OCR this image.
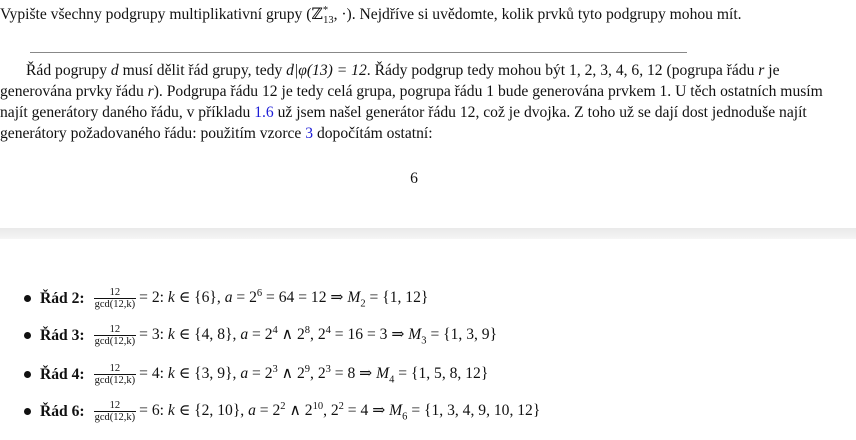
Vypište všechny podgrupy multiplikativní grupy (ℤ*$_{13}$, ·). Nejdříve si uvědomte, kolik prvků tyto podgrupy mohou mít.
Řád pogrupy d musí dělit řád grupy, tedy d|φ(13) = 12. Řády podgrup tedy mohou být 1, 2, 3, 4, 6, 12 (pogrupa řádu r je generována prvky řádu r). Podgrupa řádu 12 je tedy celá grupa, pogrupa řádu 1 bude generována prvkem 1. U těch ostatních musím najít generátory daného řádu, v příkladu 1.6 už jsem našel generátor řádu 12, což je dvojka. Z toho už se dají dost jednoduše najít generátory požadovaného řádu: použitím vzorce 3 dopočítám ostatní:
6
Řád 2: $\frac{12}{\gcd(12,k)} = 2$: k ∈ {6}, $a = 2^6 = 64 = 12$ ⇒ $M_2 = \{1$, 12}
Řád 3: $\frac{12}{\gcd(12,k)} = 3$: k ∈ {4, 8}, $a = 2^4$ ∧ $2^8$, $2^4 = 16 = 3$ ⇒ $M_3 = \{1$, 3, 9}
Řád 4: $\frac{12}{\gcd(12,k)} = 4$: k ∈ {3, 9}, $a = 2^3$ ∧ $2^9$, $2^3 = 8$ ⇒ $M_4 = \{1$, 5, 8, 12}
Řád 6: $\frac{12}{\gcd(12,k)} = 6$: k ∈ {2, 10}, $a = 2^2$ ∧ $2^{10}$, $2^2 = 4$ ⇒ $M_6 = \{1$, 3, 4, 9, 10, 12}
